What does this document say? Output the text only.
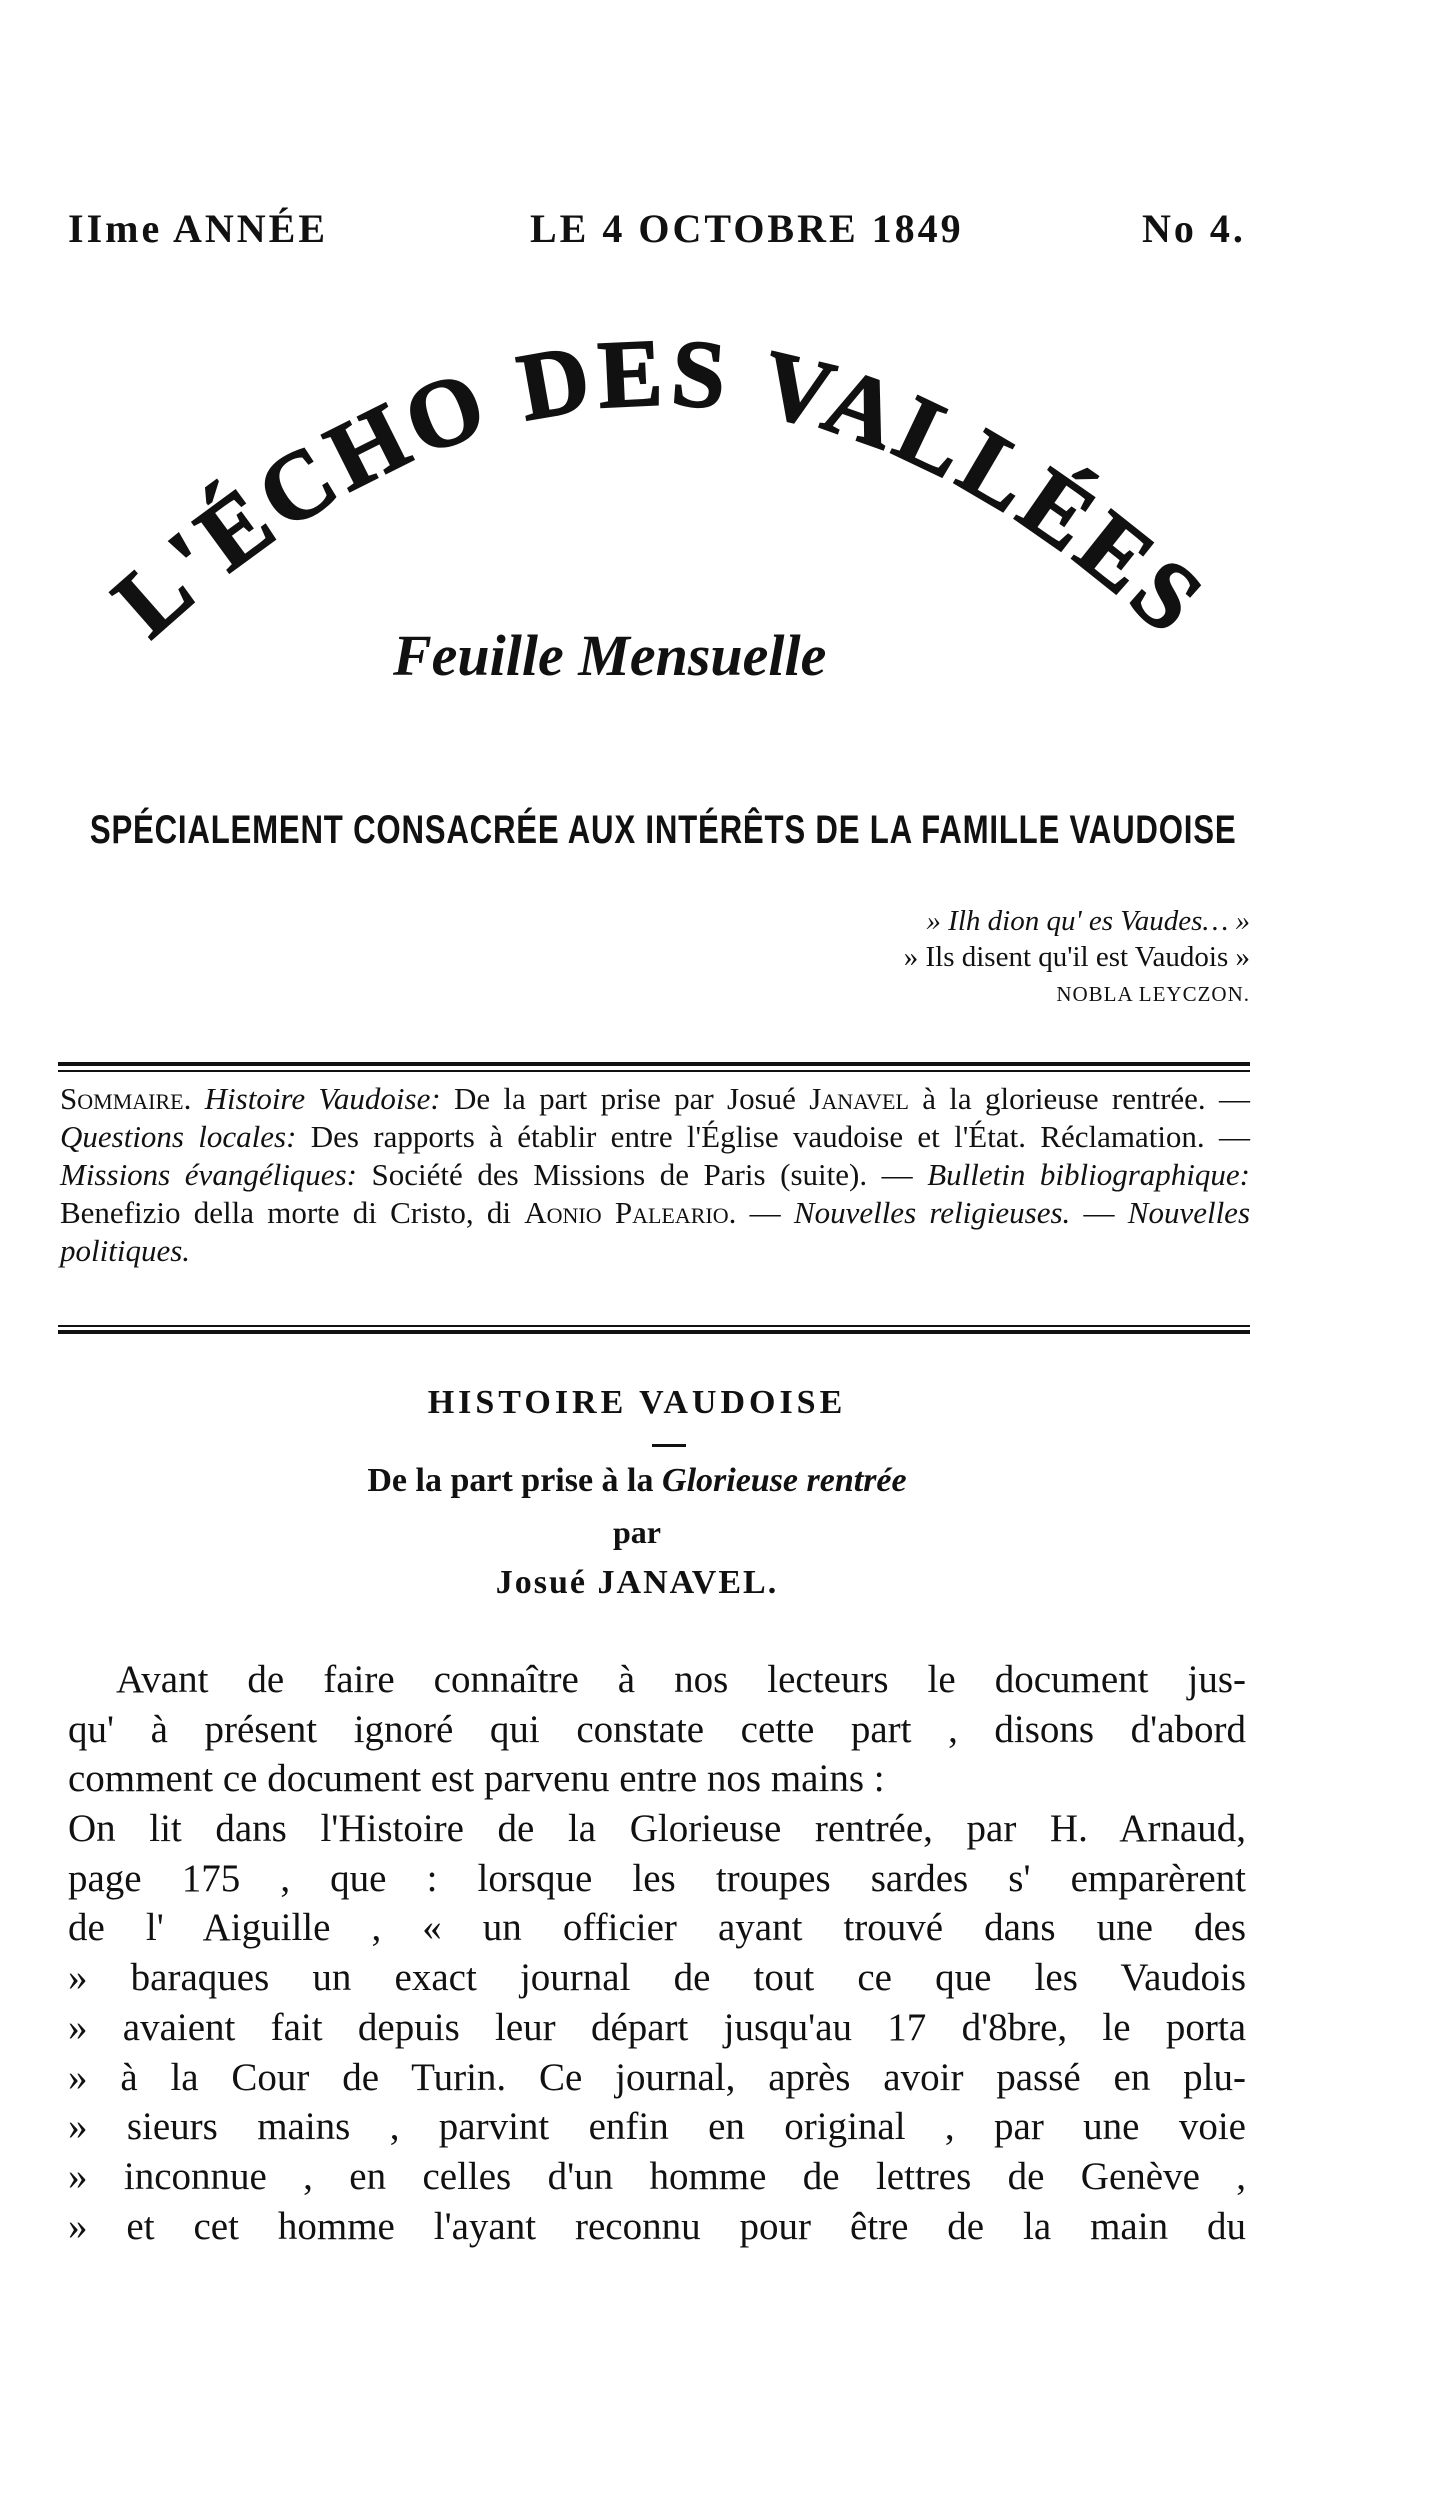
IIme ANNÉE	LE 4 OCTOBRE 1849	No 4.
L'ÉCHO DES VALLÉES
Feuille Mensuelle
SPÉCIALEMENT CONSACRÉE AUX INTÉRÊTS DE LA FAMILLE VAUDOISE
» Ilh dion qu' es Vaudes… »
» Ils disent qu'il est Vaudois »
NOBLA LEYCZON.
Sommaire. Histoire Vaudoise: De la part prise par Josué Janavel à la glorieuse rentrée. — Questions locales: Des rapports à établir entre l'Église vaudoise et l'État. Réclamation. — Missions évangéliques: Société des Missions de Paris (suite). — Bulletin bibliographique: Benefizio della morte di Cristo, di Aonio Paleario. — Nouvelles religieuses. — Nouvelles politiques.
HISTOIRE VAUDOISE
De la part prise à la Glorieuse rentrée
par
Josué JANAVEL.
Avant de faire connaître à nos lecteurs le document jus-
qu' à présent ignoré qui constate cette part , disons d'abord
comment ce document est parvenu entre nos mains :
On lit dans l'Histoire de la Glorieuse rentrée, par H. Arnaud,
page 175 , que : lorsque les troupes sardes s' emparèrent
de l' Aiguille , « un officier ayant trouvé dans une des
» baraques un exact journal de tout ce que les Vaudois
» avaient fait depuis leur départ jusqu'au 17 d'8bre, le porta
» à la Cour de Turin. Ce journal, après avoir passé en plu-
» sieurs mains , parvint enfin en original , par une voie
» inconnue , en celles d'un homme de lettres de Genève ,
» et cet homme l'ayant reconnu pour être de la main du
